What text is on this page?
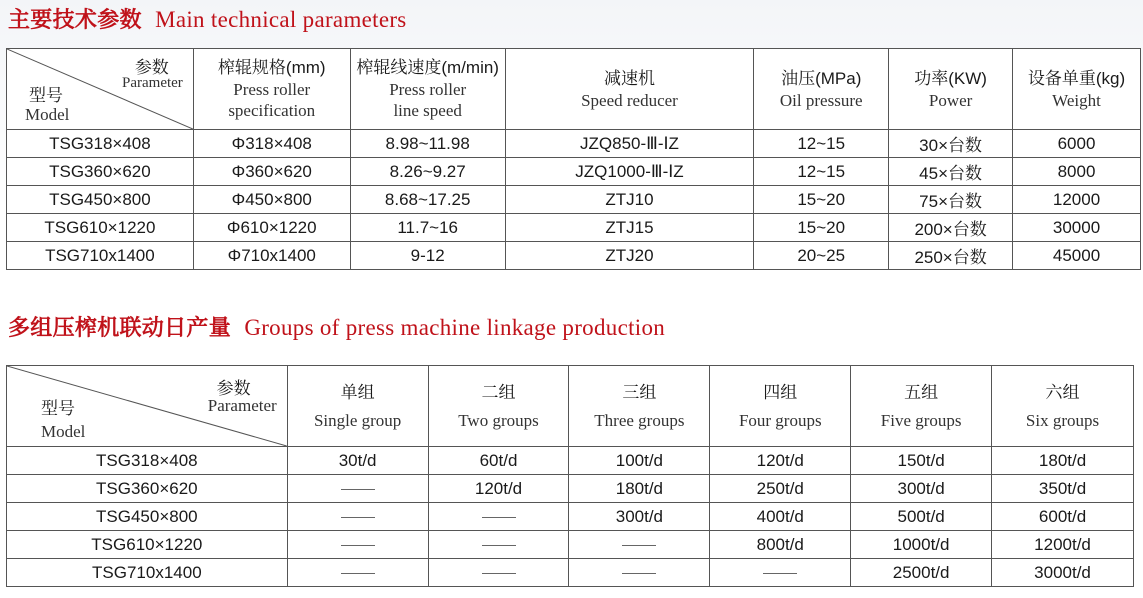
主要技术参数 Main technical parameters
参数
Parameter
型号
Model	榨辊规格(mm)
Press roller
specification	榨辊线速度(m/min)
Press roller
line speed	减速机
Speed reducer	油压(MPa)
Oil pressure	功率(KW)
Power	设备单重(kg)
Weight

TSG318×408	Φ318×408	8.98~11.98	JZQ850-Ⅲ-ⅠZ	12~15	30×台数	6000
TSG360×620	Φ360×620	8.26~9.27	JZQ1000-Ⅲ-ⅠZ	12~15	45×台数	8000
TSG450×800	Φ450×800	8.68~17.25	ZTJ10	15~20	75×台数	12000
TSG610×1220	Φ610×1220	11.7~16	ZTJ15	15~20	200×台数	30000
TSG710x1400	Φ710x1400	9-12	ZTJ20	20~25	250×台数	45000
多组压榨机联动日产量 Groups of press machine linkage production
参数
Parameter
型号
Model	单组
Single group	二组
Two groups	三组
Three groups	四组
Four groups	五组
Five groups	六组
Six groups

TSG318×408	30t/d	60t/d	100t/d	120t/d	150t/d	180t/d
TSG360×620		120t/d	180t/d	250t/d	300t/d	350t/d
TSG450×800			300t/d	400t/d	500t/d	600t/d
TSG610×1220				800t/d	1000t/d	1200t/d
TSG710x1400					2500t/d	3000t/d
